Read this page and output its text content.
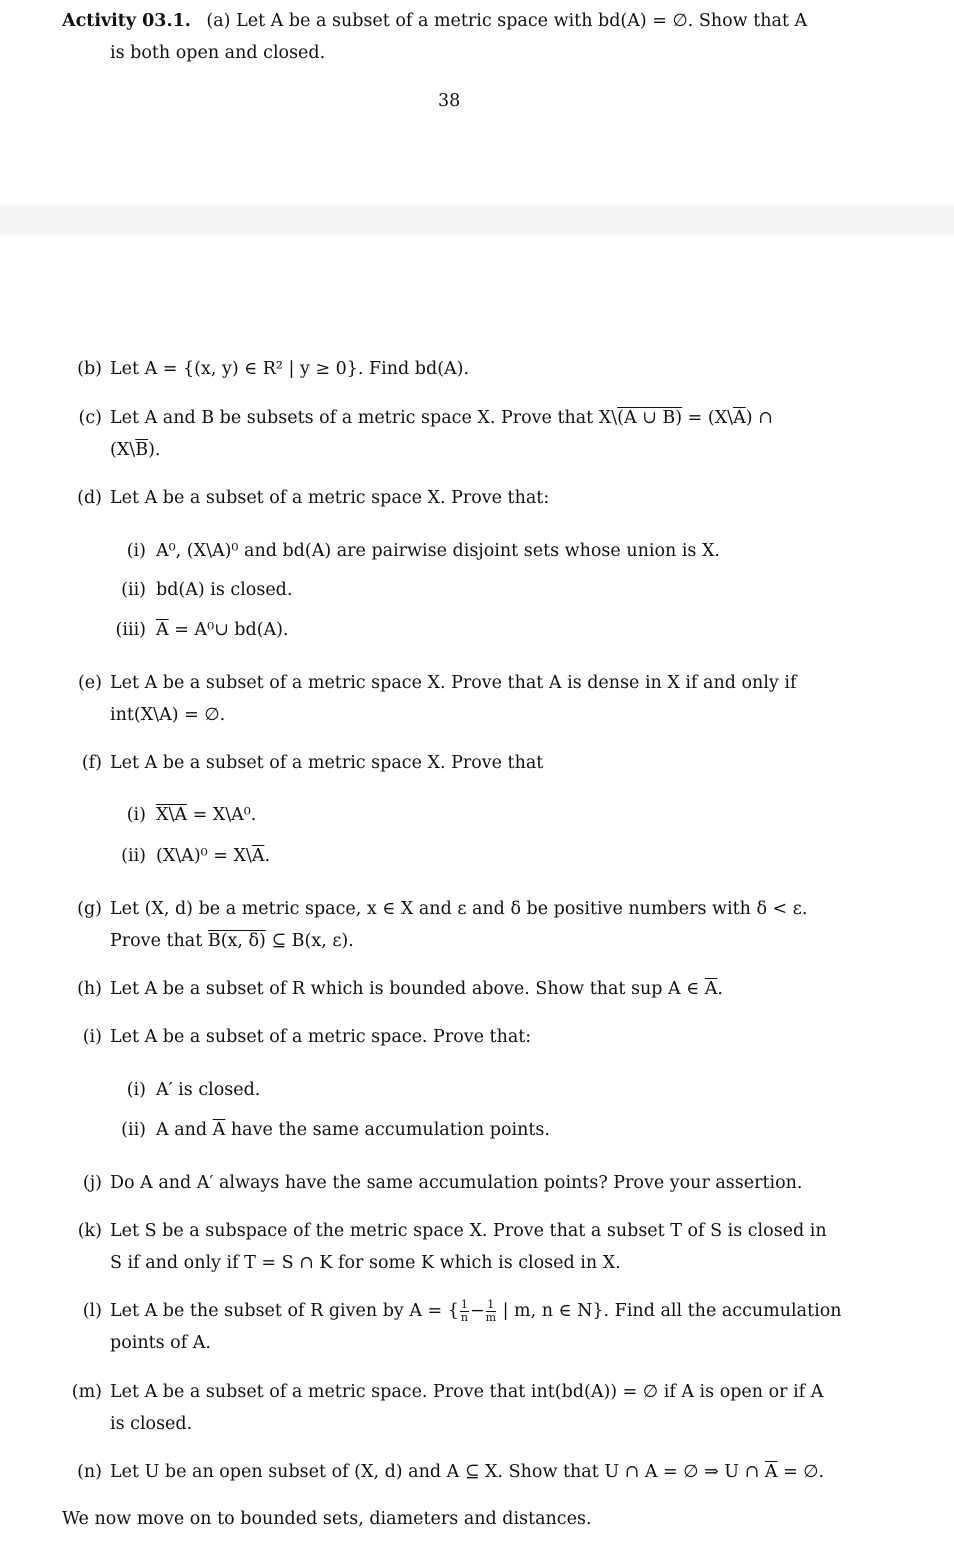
Activity 03.1. (a) Let A be a subset of a metric space with bd(A) = ∅. Show that A
is both open and closed.
38
(b) Let A = {(x, y) ∈ R² | y ≥ 0}. Find bd(A).
(c) Let A and B be subsets of a metric space X. Prove that X\(A ∪ $B) = (X\backslash\overline{A})$ ∩
$(X\backslash\overline{B})$.
(d) Let A be a subset of a metric space X. Prove that:
(i) A⁰, (X\A)⁰ and bd(A) are pairwise disjoint sets whose union is X.
(ii) bd(A) is closed.
(iii) $\overline{A}$ = A⁰∪ bd(A).
(e) Let A be a subset of a metric space X. Prove that A is dense in X if and only if
int(X\A) = ∅.
(f) Let A be a subset of a metric space X. Prove that
(i) X\A = X\A⁰.
(ii) (X\A)⁰ = $X\backslash\overline{A}$.
(g) Let (X, d) be a metric space, x ∈ X and ε and δ be positive numbers with δ < ε.
Prove that B(x, δ) ⊆ B(x, ε).
(h) Let A be a subset of R which is bounded above. Show that sup A ∈ $\overline{A}$.
(i) Let A be a subset of a metric space. Prove that:
(i) A′ is closed.
(ii) A and $\overline{A}$ have the same accumulation points.
(j) Do A and A′ always have the same accumulation points? Prove your assertion.
(k) Let S be a subspace of the metric space X. Prove that a subset T of S is closed in
S if and only if T = S ∩ K for some K which is closed in X.
(l) Let A be the subset of R given by A = { $\frac{1}{n} - \frac{1}{m}$ | m, n ∈ N}. Find all the accumulation
points of A.
(m) Let A be a subset of a metric space. Prove that int(bd(A)) = ∅ if A is open or if A
is closed.
(n) Let U be an open subset of (X, d) and A ⊆ X. Show that U ∩ A = ∅ ⇒ U ∩ $\overline{A}$ = ∅.
We now move on to bounded sets, diameters and distances.
